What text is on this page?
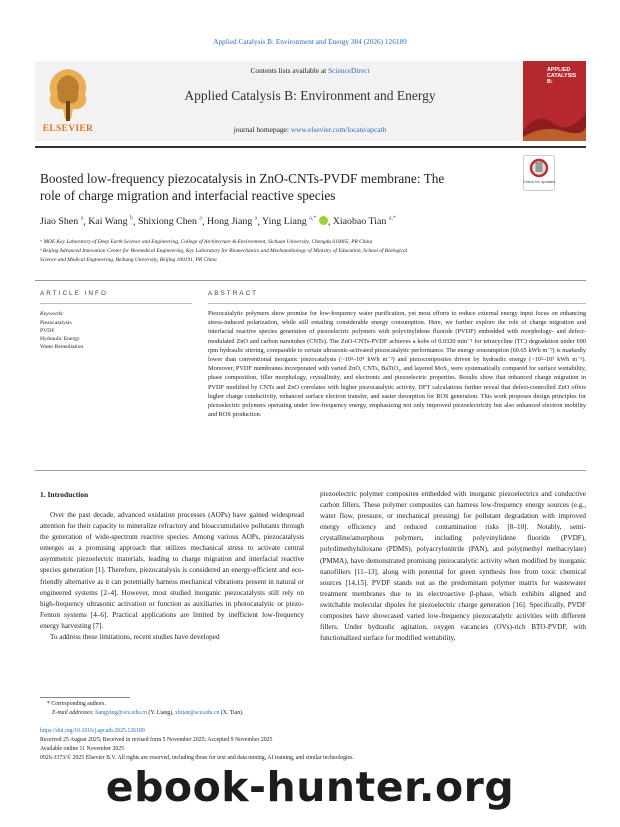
Applied Catalysis B: Environment and Energy 384 (2026) 126189
ELSEVIER
Contents lists available at ScienceDirect
Applied Catalysis B: Environment and Energy
journal homepage: www.elsevier.com/locate/apcatb
APPLIED CATALYSIS B:
Boosted low-frequency piezocatalysis in ZnO-CNTs-PVDF membrane: The
role of charge migration and interfacial reactive species
Check for updates
Jiao Shen $^a$, Kai Wang $^b$, Shixiong Chen $^a$, Hong Jiang $^a$, Ying Liang $^{a,*}$ , Xiaobao Tian $^{a,*}$
ᵃ MOE Key Laboratory of Deep Earth Science and Engineering, College of Architecture & Environment, Sichuan University, Chengdu 610065, PR China
ᵇ Beijing Advanced Innovation Center for Biomedical Engineering, Key Laboratory for Biomechanics and Mechanobiology of Ministry of Education, School of Biological
Science and Medical Engineering, Beihang University, Beijing 100191, PR China
ARTICLE INFO	ABSTRACT
Keywords:
Piezocatalysis
PVDF
Hydraulic Energy
Water Remediation
Piezocatalytic polymers show promise for low-frequency water purification, yet most efforts to reduce external energy input focus on enhancing stress-induced polarization, while still entailing considerable energy consumption. Here, we further explore the role of charge migration and interfacial reactive species generation of piezoelectric polymers with polyvinylidene fluoride (PVDF) embedded with morphology- and defect-modulated ZnO and carbon nanotubes (CNTs). The ZnO-CNTs-PVDF achieves a kobs of 0.0320 min⁻¹ for tetracycline (TC) degradation under 600 rpm hydraulic stirring, comparable to certain ultrasonic-activated piezocatalytic performance. The energy consumption (60.65 kWh m⁻³) is markedly lower than conventional inorganic piezocatalysts (~10³–10⁴ kWh m⁻³) and piezocomposites driven by hydraulic energy (~10²–10³ kWh m⁻³). Moreover, PVDF membranes incorporated with varied ZnO, CNTs, BaTiO₃, and layered MoS₂ were systematically compared for surface wettability, phase composition, filler morphology, crystallinity, and electronic and piezoelectric properties. Results show that enhanced charge migration in PVDF modified by CNTs and ZnO correlates with higher piezocatalytic activity. DFT calculations further reveal that defect-controlled ZnO offers higher charge conductivity, enhanced surface electron transfer, and easier desorption for ROS generation. This work proposes design principles for piezoelectric polymers operating under low-frequency energy, emphasizing not only improved piezoelectricity but also enhanced electron mobility and ROS production.
1. Introduction

Over the past decade, advanced oxidation processes (AOPs) have gained widespread attention for their capacity to mineralize refractory and bioaccumulative pollutants through the generation of wide-spectrum reactive species. Among various AOPs, piezocatalysis emerges as a promising approach that utilizes mechanical stress to activate central asymmetric piezoelectric materials, leading to charge migration and interfacial reactive species generation [1]. Therefore, piezocatalysis is considered an energy-efficient and eco-friendly alternative as it can potentially harness mechanical vibrations present in natural or engineered systems [2–4]. However, most studied inorganic piezocatalysts still rely on high-frequency ultrasonic activation or function as auxiliaries in photocatalytic or piezo-Fenton systems [4–6]. Practical applications are limited by inefficient low-frequency energy harvesting [7].

To address these limitations, recent studies have developed

piezoelectric polymer composites embedded with inorganic piezoelectrics and conductive carbon fillers. These polymer composites can harness low-frequency energy sources (e.g., water flow, pressure, or mechanical pressing) for pollutant degradation with improved energy efficiency and reduced contamination risks [8–10]. Notably, semi-crystalline/amorphous polymers, including polyvinylidene fluoride (PVDF), polydimethylsiloxane (PDMS), polyacrylonitrile (PAN), and poly(methyl methacrylate) (PMMA), have demonstrated promising piezocatalytic activity when modified by inorganic nanofillers [11–13], along with potential for green synthesis free from toxic chemical sources [14,15]. PVDF stands out as the predominant polymer matrix for wastewater treatment membranes due to its electroactive β-phase, which exhibits aligned and switchable molecular dipoles for piezoelectric charge generation [16]. Specifically, PVDF composites have showcased varied low-frequency piezocatalytic activities with different fillers. Under hydraulic agitation, oxygen vacancies (OVs)-rich BTO-PVDF, with functionalized surface for modified wettability,

* Corresponding authors.
E-mail addresses: liangying@scu.edu.cn (Y. Liang), xbtian@scu.edu.cn (X. Tian).
https://doi.org/10.1016/j.apcatb.2025.126189
Received 25 August 2025; Received in revised form 5 November 2025; Accepted 9 November 2025
Available online 11 November 2025
0926-3373/© 2025 Elsevier B.V. All rights are reserved, including those for text and data mining, AI training, and similar technologies.
ebook-hunter.org
